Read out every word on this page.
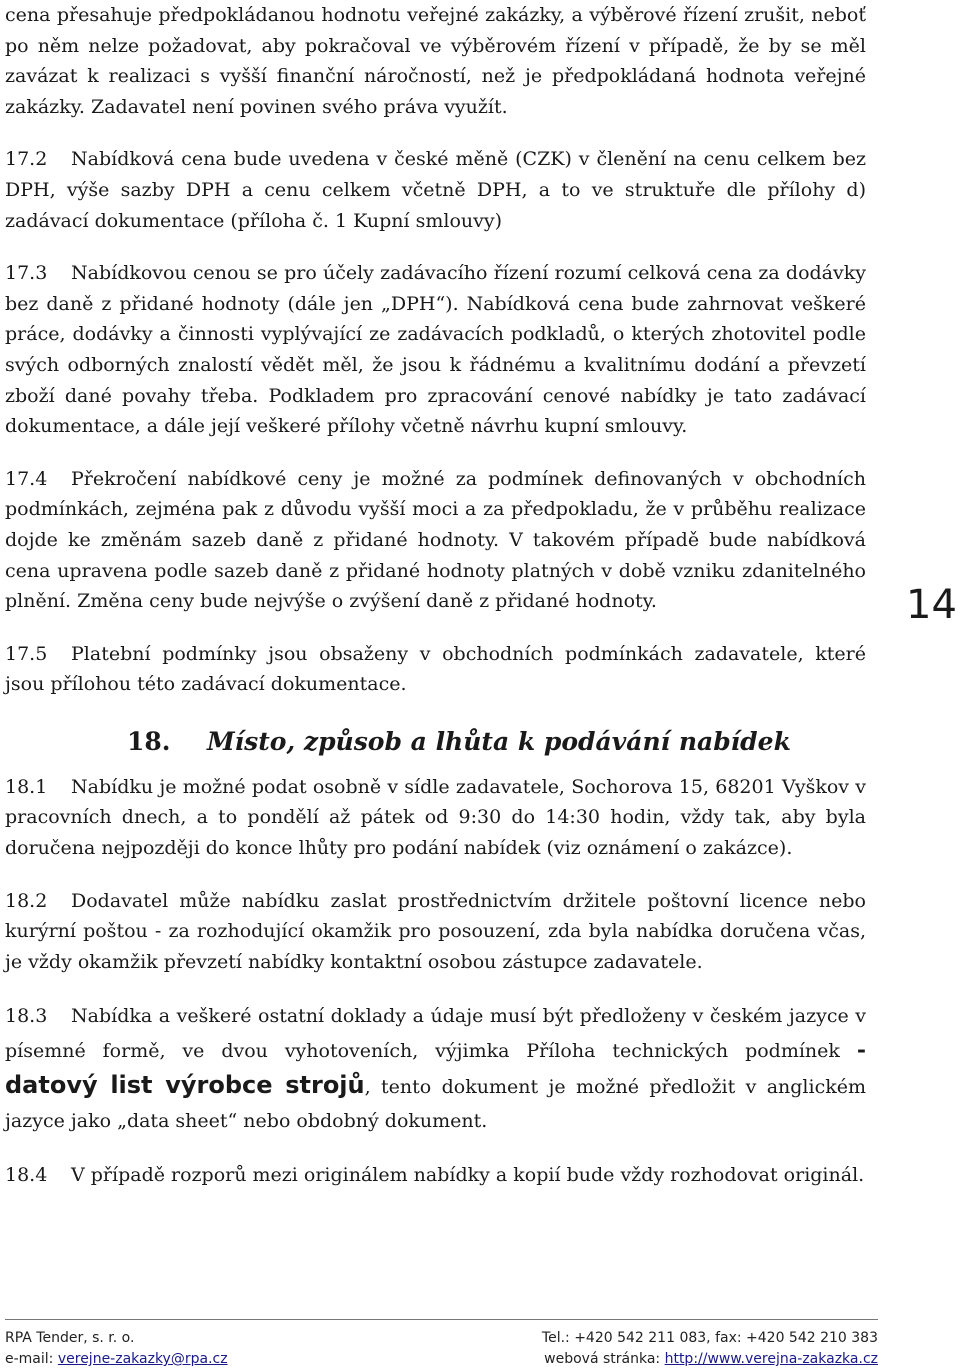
cena přesahuje předpokládanou hodnotu veřejné zakázky, a výběrové řízení zrušit, neboť po něm nelze požadovat, aby pokračoval ve výběrovém řízení v případě, že by se měl zavázat k realizaci s vyšší finanční náročností, než je předpokládaná hodnota veřejné zakázky. Zadavatel není povinen svého práva využít.

17.2 Nabídková cena bude uvedena v české měně (CZK) v členění na cenu celkem bez DPH, výše sazby DPH a cenu celkem včetně DPH, a to ve struktuře dle přílohy d) zadávací dokumentace (příloha č. 1 Kupní smlouvy)

17.3 Nabídkovou cenou se pro účely zadávacího řízení rozumí celková cena za dodávky bez daně z přidané hodnoty (dále jen „DPH“). Nabídková cena bude zahrnovat veškeré práce, dodávky a činnosti vyplývající ze zadávacích podkladů, o kterých zhotovitel podle svých odborných znalostí vědět měl, že jsou k řádnému a kvalitnímu dodání a převzetí zboží dané povahy třeba. Podkladem pro zpracování cenové nabídky je tato zadávací dokumentace, a dále její veškeré přílohy včetně návrhu kupní smlouvy.

17.4 Překročení nabídkové ceny je možné za podmínek definovaných v obchodních podmínkách, zejména pak z důvodu vyšší moci a za předpokladu, že v průběhu realizace dojde ke změnám sazeb daně z přidané hodnoty. V takovém případě bude nabídková cena upravena podle sazeb daně z přidané hodnoty platných v době vzniku zdanitelného plnění. Změna ceny bude nejvýše o zvýšení daně z přidané hodnoty.

17.5 Platební podmínky jsou obsaženy v obchodních podmínkách zadavatele, které jsou přílohou této zadávací dokumentace.

18. Místo, způsob a lhůta k podávání nabídek

18.1 Nabídku je možné podat osobně v sídle zadavatele, Sochorova 15, 68201 Vyškov v pracovních dnech, a to pondělí až pátek od 9:30 do 14:30 hodin, vždy tak, aby byla doručena nejpozději do konce lhůty pro podání nabídek (viz oznámení o zakázce).

18.2 Dodavatel může nabídku zaslat prostřednictvím držitele poštovní licence nebo kurýrní poštou - za rozhodující okamžik pro posouzení, zda byla nabídka doručena včas, je vždy okamžik převzetí nabídky kontaktní osobou zástupce zadavatele.

18.3 Nabídka a veškeré ostatní doklady a údaje musí být předloženy v českém jazyce v písemné formě, ve dvou vyhotoveních, výjimka Příloha technických podmínek - datový list výrobce strojů, tento dokument je možné předložit v anglickém jazyce jako „data sheet“ nebo obdobný dokument.

18.4 V případě rozporů mezi originálem nabídky a kopií bude vždy rozhodovat originál.

14
RPA Tender, s. r. o.	Tel.: +420 542 211 083, fax: +420 542 210 383
e-mail: verejne-zakazky@rpa.cz	webová stránka: http://www.verejna-zakazka.cz
